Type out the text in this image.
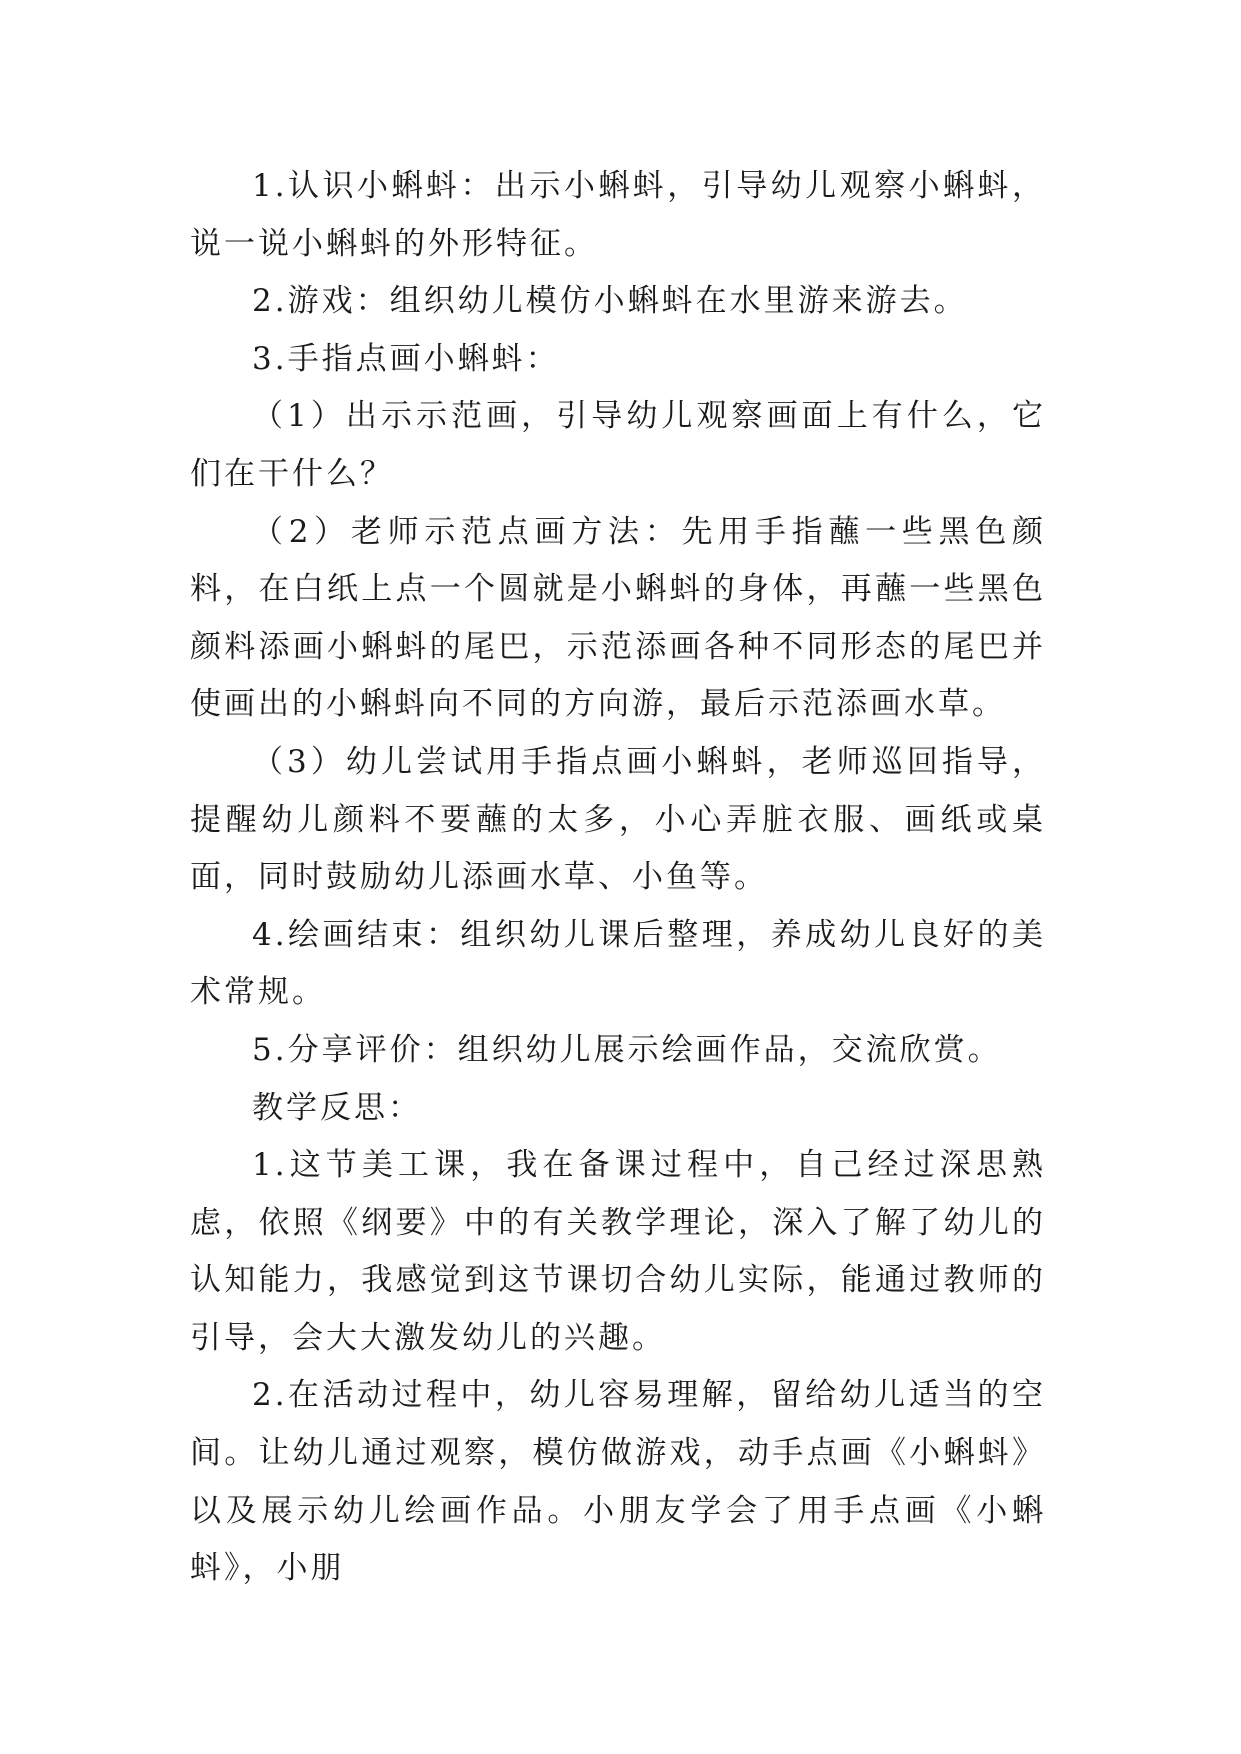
1.认识小蝌蚪：出示小蝌蚪，引导幼儿观察小蝌蚪，说一说小蝌蚪的外形特征。

2.游戏：组织幼儿模仿小蝌蚪在水里游来游去。

3.手指点画小蝌蚪：

（1）出示示范画，引导幼儿观察画面上有什么，它们在干什么？

（2）老师示范点画方法：先用手指蘸一些黑色颜料，在白纸上点一个圆就是小蝌蚪的身体，再蘸一些黑色颜料添画小蝌蚪的尾巴，示范添画各种不同形态的尾巴并使画出的小蝌蚪向不同的方向游，最后示范添画水草。

（3）幼儿尝试用手指点画小蝌蚪，老师巡回指导，提醒幼儿颜料不要蘸的太多，小心弄脏衣服、画纸或桌面，同时鼓励幼儿添画水草、小鱼等。

4.绘画结束：组织幼儿课后整理，养成幼儿良好的美术常规。

5.分享评价：组织幼儿展示绘画作品，交流欣赏。

教学反思：

1.这节美工课，我在备课过程中，自己经过深思熟虑，依照《纲要》中的有关教学理论，深入了解了幼儿的认知能力，我感觉到这节课切合幼儿实际，能通过教师的引导，会大大激发幼儿的兴趣。

2.在活动过程中，幼儿容易理解，留给幼儿适当的空间。让幼儿通过观察，模仿做游戏，动手点画《小蝌蚪》以及展示幼儿绘画作品。小朋友学会了用手点画《小蝌蚪》，小朋
